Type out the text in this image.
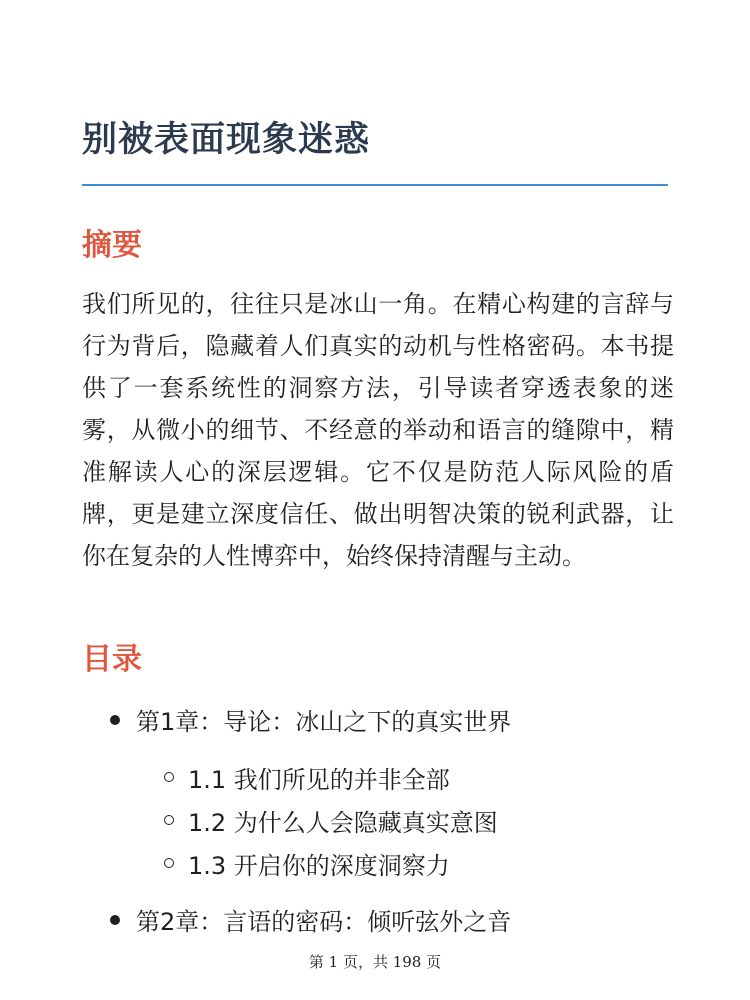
别被表面现象迷惑
摘要

我们所见的，往往只是冰山一角。在精心构建的言辞与行为背后，隐藏着人们真实的动机与性格密码。本书提供了一套系统性的洞察方法，引导读者穿透表象的迷雾，从微小的细节、不经意的举动和语言的缝隙中，精准解读人心的深层逻辑。它不仅是防范人际风险的盾牌，更是建立深度信任、做出明智决策的锐利武器，让你在复杂的人性博弈中，始终保持清醒与主动。

目录
第1章：导论：冰山之下的真实世界
1.1 我们所见的并非全部
1.2 为什么人会隐藏真实意图
1.3 开启你的深度洞察力
第2章：言语的密码：倾听弦外之音
第 1 页，共 198 页
